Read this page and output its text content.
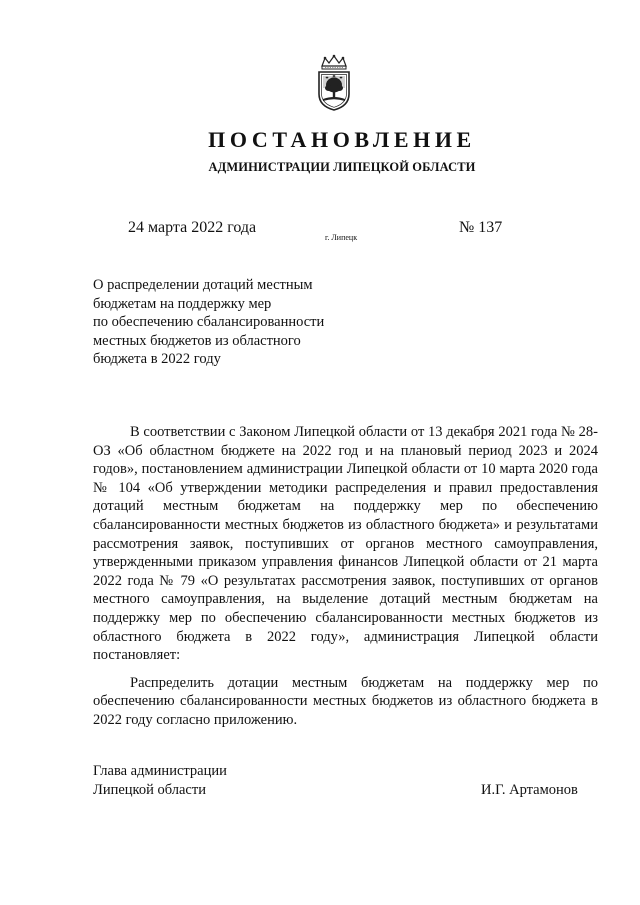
ПОСТАНОВЛЕНИЕ
АДМИНИСТРАЦИИ ЛИПЕЦКОЙ ОБЛАСТИ

24 марта 2022 года

г. Липецк

№ 137

О распределении дотаций местным
бюджетам на поддержку мер
по обеспечению сбалансированности
местных бюджетов из областного
бюджета в 2022 году

В соответствии с Законом Липецкой области от 13 декабря 2021 года № 28-ОЗ «Об областном бюджете на 2022 год и на плановый период 2023 и 2024 годов», постановлением администрации Липецкой области от 10 марта 2020 года № 104 «Об утверждении методики распределения и правил предоставления дотаций местным бюджетам на поддержку мер по обеспечению сбалансированности местных бюджетов из областного бюджета» и результатами рассмотрения заявок, поступивших от органов местного самоуправления, утвержденными приказом управления финансов Липецкой области от 21 марта 2022 года № 79 «О результатах рассмотрения заявок, поступивших от органов местного самоуправления, на выделение дотаций местным бюджетам на поддержку мер по обеспечению сбалансированности местных бюджетов из областного бюджета в 2022 году», администрация Липецкой области постановляет:

Распределить дотации местным бюджетам на поддержку мер по обеспечению сбалансированности местных бюджетов из областного бюджета в 2022 году согласно приложению.

Глава администрации
Липецкой области	И.Г. Артамонов
